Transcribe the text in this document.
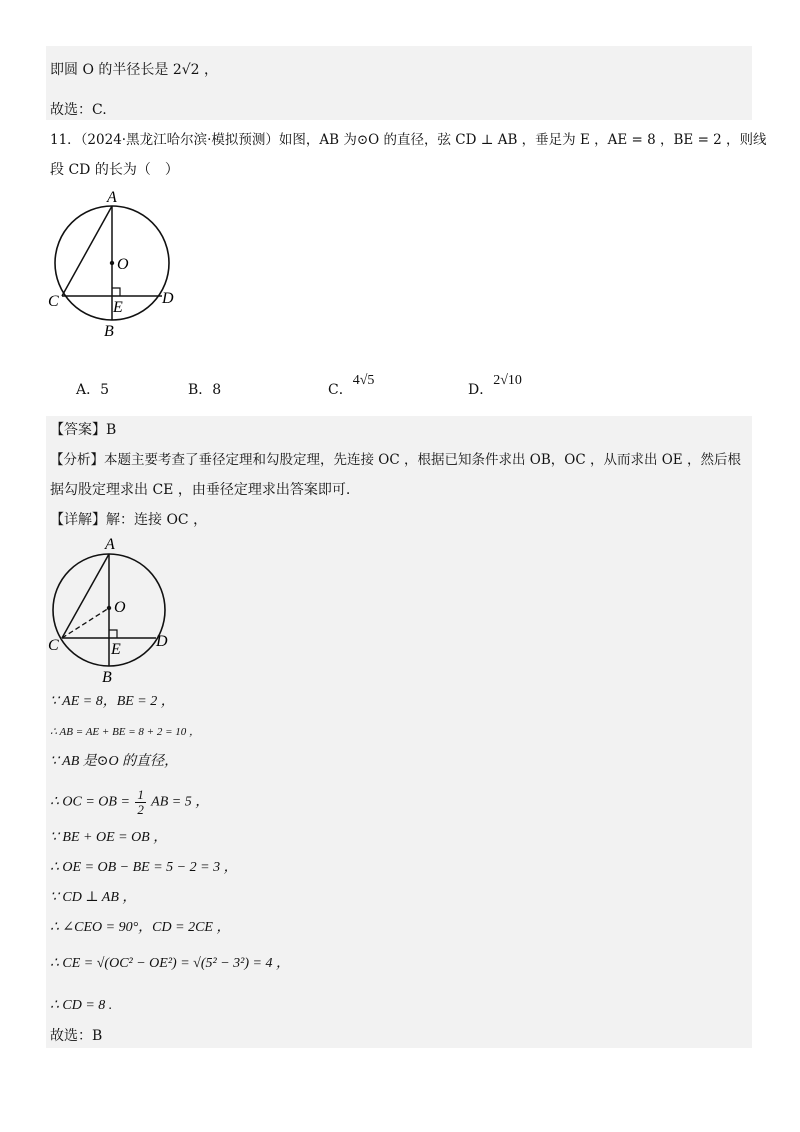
即圆 O 的半径长是 2√2 ，
故选：C.
11．（2024·黑龙江哈尔滨·模拟预测）如图，AB 为⊙O 的直径，弦 CD ⊥ AB ，垂足为 E ，AE = 8 ，BE = 2 ，则线
段 CD 的长为（　）
A
O
C	E
D
B
A．5	B．8	C．4√5
D．2√10
【答案】B
【分析】本题主要考查了垂径定理和勾股定理，先连接 OC ，根据已知条件求出 OB，OC ，从而求出 OE ，然后根
据勾股定理求出 CE ，由垂径定理求出答案即可.
【详解】解：连接 OC ，
A
O
C	E D
B
∵ AE = 8，BE = 2 ，
∴ AB = AE + BE = 8 + 2 = 10 ，
∵ AB 是⊙O 的直径，
∴ OC = OB = $\frac{1}{2}$ AB = 5 ，
∵ BE + OE = OB ，
∴ OE = OB − BE = 5 − 2 = 3 ，
∵ CD ⊥ AB ，
∴ ∠CEO = 90°，CD = 2CE ，
∴ CE = √(OC² − OE²) = √(5² − 3²) = 4 ，
∴ CD = 8 .
故选：B
